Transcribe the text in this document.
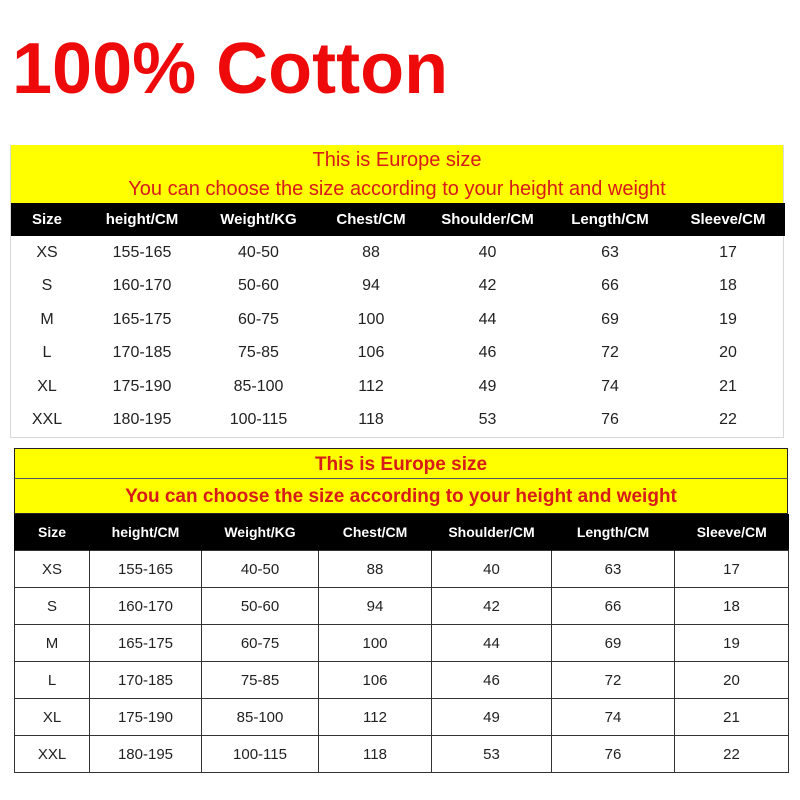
100% Cotton
This is Europe size
You can choose the size according to your height and weight
Size	height/CM	Weight/KG	Chest/CM	Shoulder/CM	Length/CM	Sleeve/CM
XS	155-165	40-50	88	40	63	17
S	160-170	50-60	94	42	66	18
M	165-175	60-75	100	44	69	19
L	170-185	75-85	106	46	72	20
XL	175-190	85-100	112	49	74	21
XXL	180-195	100-115	118	53	76	22
This is Europe size
You can choose the size according to your height and weight
Size	height/CM	Weight/KG	Chest/CM	Shoulder/CM	Length/CM	Sleeve/CM
XS	155-165	40-50	88	40	63	17
S	160-170	50-60	94	42	66	18
M	165-175	60-75	100	44	69	19
L	170-185	75-85	106	46	72	20
XL	175-190	85-100	112	49	74	21
XXL	180-195	100-115	118	53	76	22
